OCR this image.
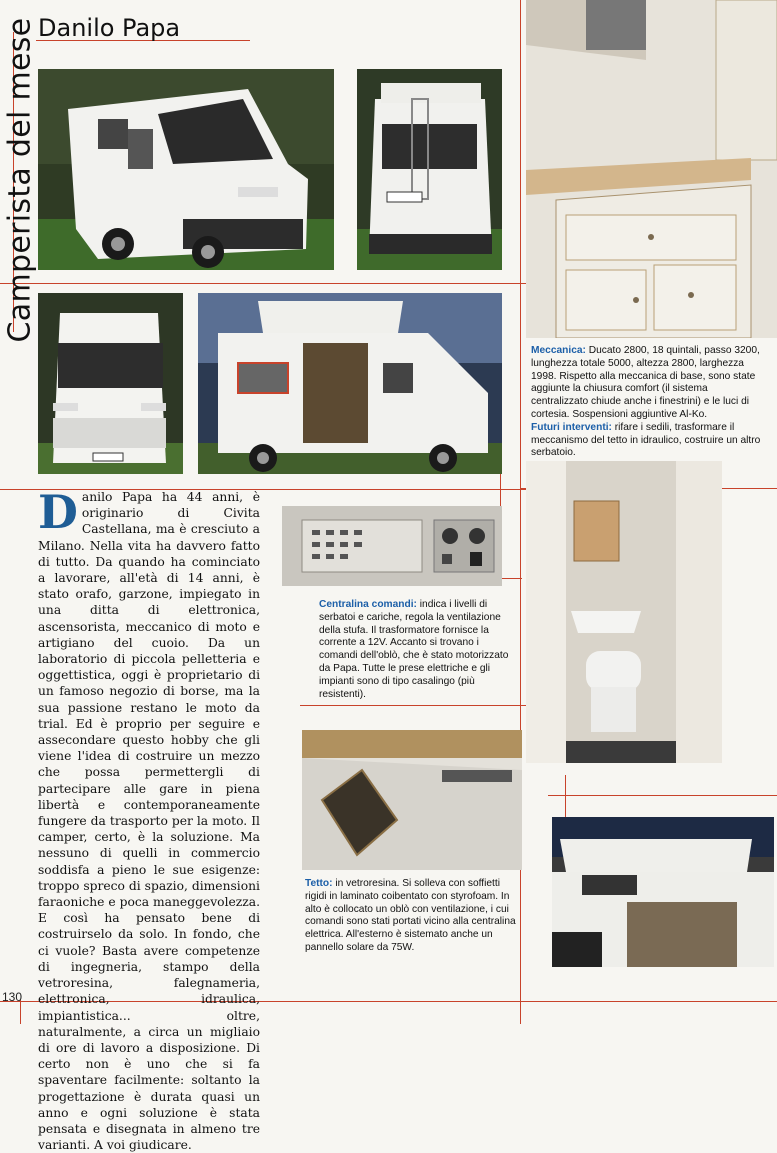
Camperista del mese Danilo Papa
Meccanica: Ducato 2800, 18 quintali, passo 3200, lunghezza totale 5000, altezza 2800, larghezza 1998. Rispetto alla meccanica di base, sono state aggiunte la chiusura comfort (il sistema centralizzato chiude anche i finestrini) e le luci di cortesia. Sospensioni aggiuntive Al-Ko.
Futuri interventi: rifare i sedili, trasformare il meccanismo del tetto in idraulico, costruire un altro serbatoio.
Danilo Papa ha 44 anni, è originario di Civita Castellana, ma è cresciuto a Milano. Nella vita ha davvero fatto di tutto. Da quando ha cominciato a lavorare, all'età di 14 anni, è stato orafo, garzone, impiegato in una ditta di elettronica, ascensorista, meccanico di moto e artigiano del cuoio. Da un laboratorio di piccola pelletteria e oggettistica, oggi è proprietario di un famoso negozio di borse, ma la sua passione restano le moto da trial. Ed è proprio per seguire e assecondare questo hobby che gli viene l'idea di costruire un mezzo che possa permettergli di partecipare alle gare in piena libertà e contemporaneamente fungere da trasporto per la moto. Il camper, certo, è la soluzione. Ma nessuno di quelli in commercio soddisfa a pieno le sue esigenze: troppo spreco di spazio, dimensioni faraoniche e poca maneggevolezza. E così ha pensato bene di costruirselo da solo. In fondo, che ci vuole? Basta avere competenze di ingegneria, stampo della vetroresina, falegnameria, elettronica, idraulica, impiantistica... oltre, naturalmente, a circa un migliaio di ore di lavoro a disposizione. Di certo non è uno che si fa spaventare facilmente: soltanto la progettazione è durata quasi un anno e ogni soluzione è stata pensata e disegnata in almeno tre varianti. A voi giudicare.
Centralina comandi: indica i livelli di serbatoi e cariche, regola la ventilazione della stufa. Il trasformatore fornisce la corrente a 12V. Accanto si trovano i comandi dell'oblò, che è stato motorizzato da Papa. Tutte le prese elettriche e gli impianti sono di tipo casalingo (più resistenti).
Tetto: in vetroresina. Si solleva con soffietti rigidi in laminato coibentato con styrofoam. In alto è collocato un oblò con ventilazione, i cui comandi sono stati portati vicino alla centralina elettrica. All'esterno è sistemato anche un pannello solare da 75W.
130
